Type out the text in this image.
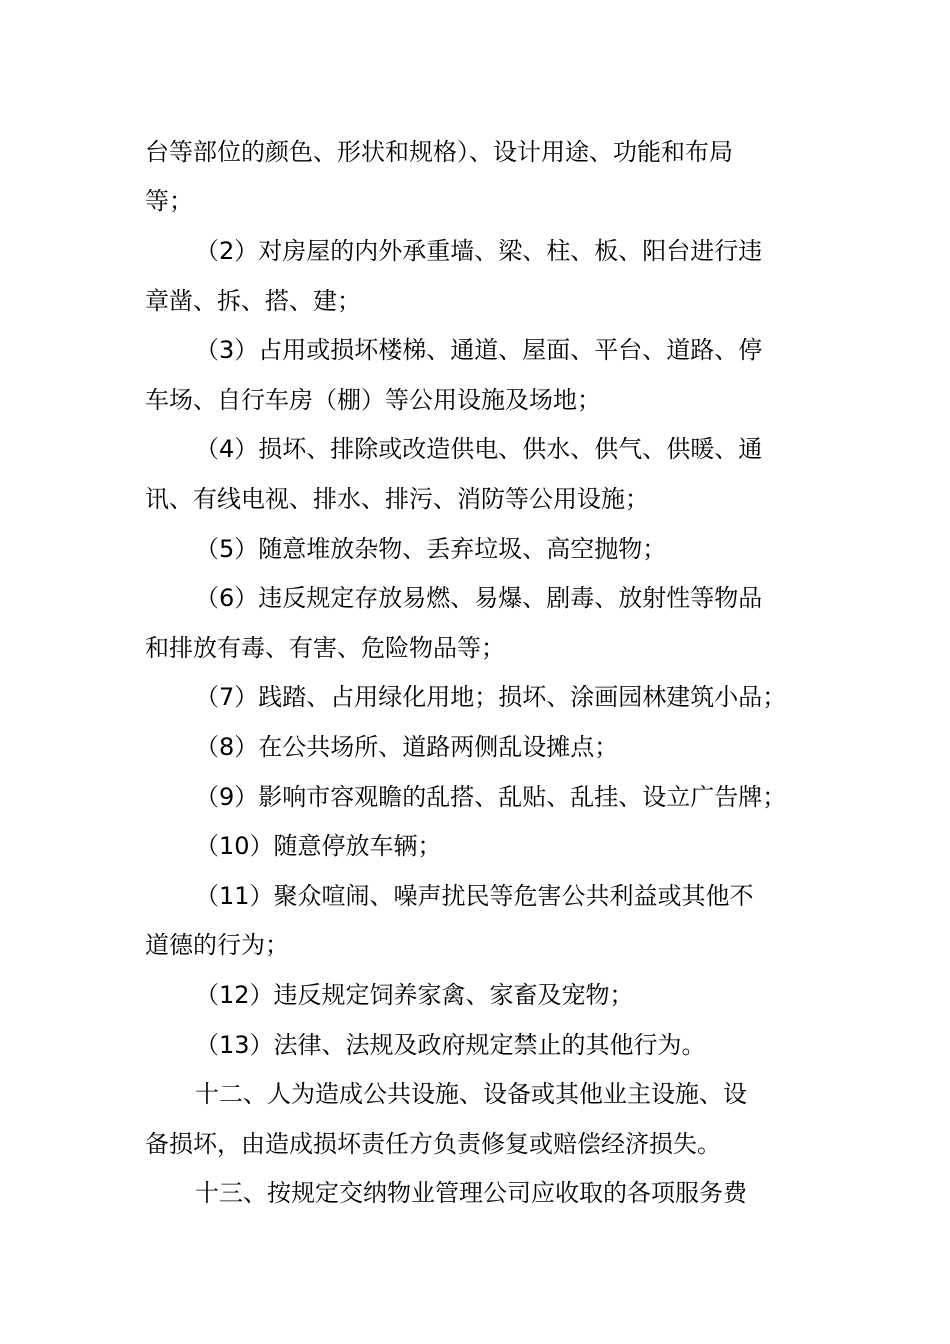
台等部位的颜色、形状和规格）、设计用途、功能和布局
等；
（2）对房屋的内外承重墙、梁、柱、板、阳台进行违
章凿、拆、搭、建；
（3）占用或损坏楼梯、通道、屋面、平台、道路、停
车场、自行车房（棚）等公用设施及场地；
（4）损坏、排除或改造供电、供水、供气、供暖、通
讯、有线电视、排水、排污、消防等公用设施；
（5）随意堆放杂物、丢弃垃圾、高空抛物；
（6）违反规定存放易燃、易爆、剧毒、放射性等物品
和排放有毒、有害、危险物品等；
（7）践踏、占用绿化用地；损坏、涂画园林建筑小品；
（8）在公共场所、道路两侧乱设摊点；
（9）影响市容观瞻的乱搭、乱贴、乱挂、设立广告牌；
（10）随意停放车辆；
（11）聚众喧闹、噪声扰民等危害公共利益或其他不
道德的行为；
（12）违反规定饲养家禽、家畜及宠物；
（13）法律、法规及政府规定禁止的其他行为。
十二、人为造成公共设施、设备或其他业主设施、设
备损坏，由造成损坏责任方负责修复或赔偿经济损失。
十三、按规定交纳物业管理公司应收取的各项服务费
